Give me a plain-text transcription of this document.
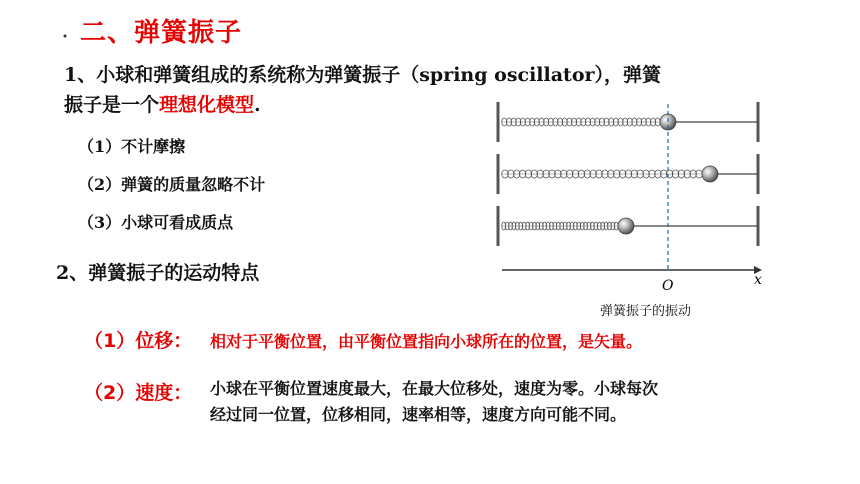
二、弹簧振子
1、小球和弹簧组成的系统称为弹簧振子（spring oscillator），弹簧
振子是一个理想化模型.
（1）不计摩擦
（2）弹簧的质量忽略不计
（3）小球可看成质点
2、弹簧振子的运动特点
（1）位移： 相对于平衡位置，由平衡位置指向小球所在的位置，是矢量。
（2）速度： 小球在平衡位置速度最大，在最大位移处，速度为零。小球每次
经过同一位置，位移相同，速率相等，速度方向可能不同。
O	x
弹簧振子的振动
